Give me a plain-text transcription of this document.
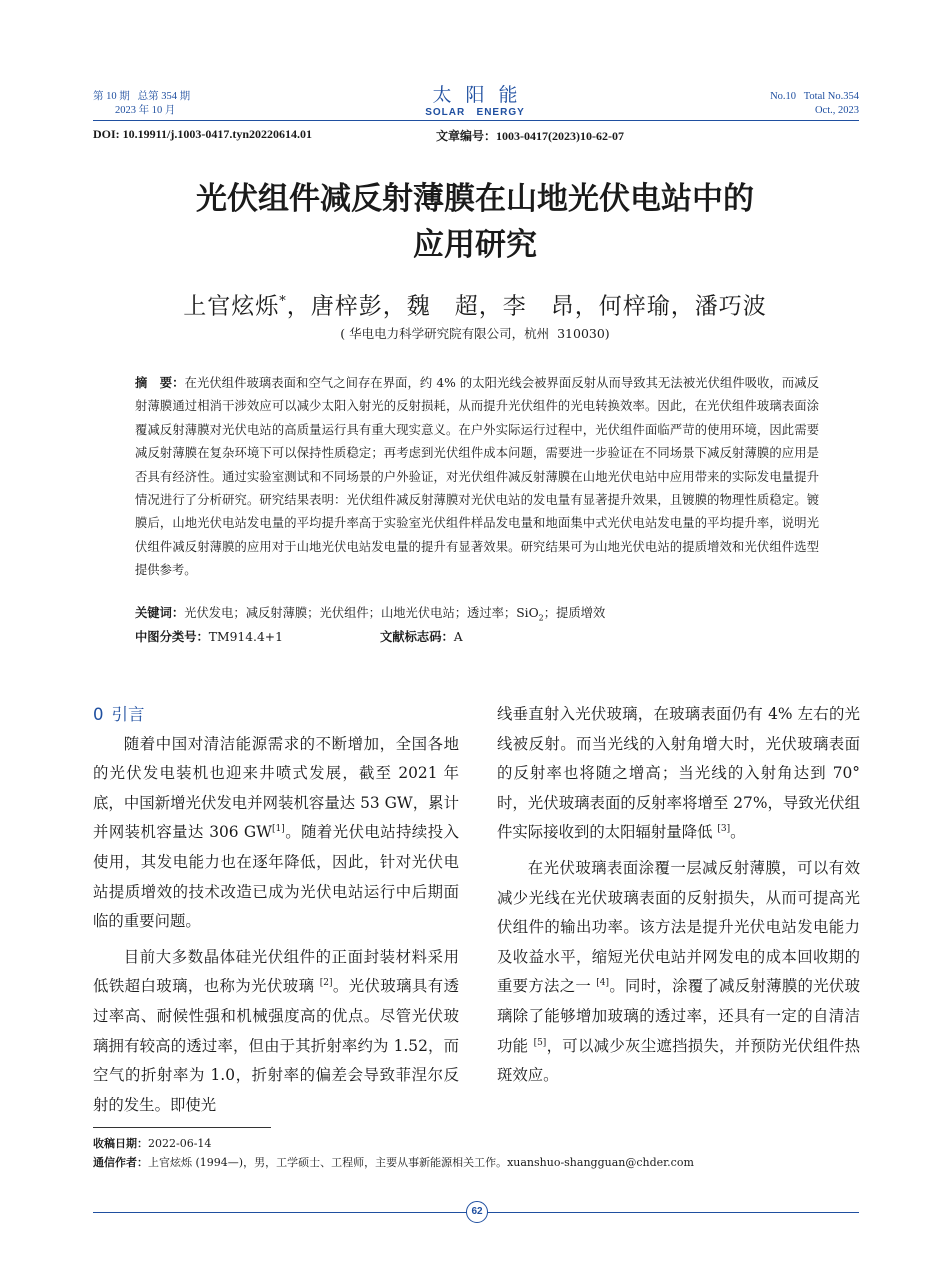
第 10 期   总第 354 期
2023 年 10 月
太阳能
SOLAR   ENERGY
No.10   Total No.354
Oct., 2023
DOI: 10.19911/j.1003-0417.tyn20220614.01	文章编号：1003-0417(2023)10-62-07
光伏组件减反射薄膜在山地光伏电站中的
应用研究
上官炫烁*，唐梓彭，魏　超，李　昂，何梓瑜，潘巧波
( 华电电力科学研究院有限公司，杭州  310030)
摘　要：在光伏组件玻璃表面和空气之间存在界面，约 4% 的太阳光线会被界面反射从而导致其无法被光伏组件吸收，而减反射薄膜通过相消干涉效应可以减少太阳入射光的反射损耗，从而提升光伏组件的光电转换效率。因此，在光伏组件玻璃表面涂覆减反射薄膜对光伏电站的高质量运行具有重大现实意义。在户外实际运行过程中，光伏组件面临严苛的使用环境，因此需要减反射薄膜在复杂环境下可以保持性质稳定；再考虑到光伏组件成本问题，需要进一步验证在不同场景下减反射薄膜的应用是否具有经济性。通过实验室测试和不同场景的户外验证，对光伏组件减反射薄膜在山地光伏电站中应用带来的实际发电量提升情况进行了分析研究。研究结果表明：光伏组件减反射薄膜对光伏电站的发电量有显著提升效果，且镀膜的物理性质稳定。镀膜后，山地光伏电站发电量的平均提升率高于实验室光伏组件样品发电量和地面集中式光伏电站发电量的平均提升率，说明光伏组件减反射薄膜的应用对于山地光伏电站发电量的提升有显著效果。研究结果可为山地光伏电站的提质增效和光伏组件选型提供参考。
关键词：光伏发电；减反射薄膜；光伏组件；山地光伏电站；透过率；SiO$_2$；提质增效
中图分类号：TM914.4+1	文献标志码：A
0 引言

随着中国对清洁能源需求的不断增加，全国各地的光伏发电装机也迎来井喷式发展，截至 2021 年底，中国新增光伏发电并网装机容量达 53 GW，累计并网装机容量达 306 GW[1]。随着光伏电站持续投入使用，其发电能力也在逐年降低，因此，针对光伏电站提质增效的技术改造已成为光伏电站运行中后期面临的重要问题。

目前大多数晶体硅光伏组件的正面封装材料采用低铁超白玻璃，也称为光伏玻璃 [2]。光伏玻璃具有透过率高、耐候性强和机械强度高的优点。尽管光伏玻璃拥有较高的透过率，但由于其折射率约为 1.52，而空气的折射率为 1.0，折射率的偏差会导致菲涅尔反射的发生。即使光

线垂直射入光伏玻璃，在玻璃表面仍有 4% 左右的光线被反射。而当光线的入射角增大时，光伏玻璃表面的反射率也将随之增高；当光线的入射角达到 70°时，光伏玻璃表面的反射率将增至 27%，导致光伏组件实际接收到的太阳辐射量降低 [3]。

在光伏玻璃表面涂覆一层减反射薄膜，可以有效减少光线在光伏玻璃表面的反射损失，从而可提高光伏组件的输出功率。该方法是提升光伏电站发电能力及收益水平，缩短光伏电站并网发电的成本回收期的重要方法之一 [4]。同时，涂覆了减反射薄膜的光伏玻璃除了能够增加玻璃的透过率，还具有一定的自清洁功能 [5]，可以减少灰尘遮挡损失，并预防光伏组件热斑效应。

收稿日期：2022-06-14
通信作者：上官炫烁 (1994—)，男，工学硕士、工程师，主要从事新能源相关工作。xuanshuo-shangguan@chder.com
62
